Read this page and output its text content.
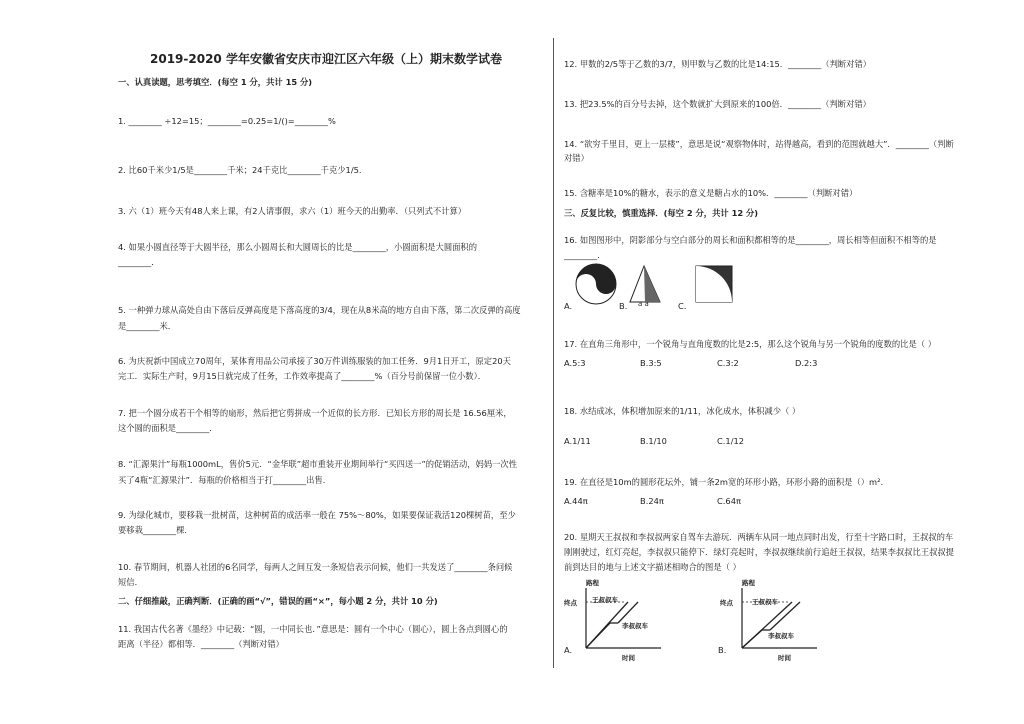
2019-2020 学年安徽省安庆市迎江区六年级（上）期末数学试卷
一、认真读题，思考填空．(每空 1 分，共计 15 分)
1. ________ ÷12=15；________=0.25=1/()=________%
2. 比60千米少1/5是________千米；24千克比________千克少1/5.
3. 六（1）班今天有48人来上课，有2人请事假，求六（1）班今天的出勤率．（只列式不计算）
4. 如果小圆直径等于大圆半径，那么小圆周长和大圆周长的比是________，小圆面积是大圆面积的
________．
5. 一种弹力球从高处自由下落后反弹高度是下落高度的3/4，现在从8米高的地方自由下落，第二次反弹的高度
是________米．
6. 为庆祝新中国成立70周年，某体育用品公司承接了30万件训练服装的加工任务．9月1日开工，原定20天
完工．实际生产时，9月15日就完成了任务，工作效率提高了________%（百分号前保留一位小数）．
7. 把一个圆分成若干个相等的扇形，然后把它剪拼成一个近似的长方形．已知长方形的周长是 16.56厘米，
这个圆的面积是________．
8. “汇源果汁”每瓶1000mL，售价5元．“金华联”超市重装开业期间举行“买四送一”的促销活动，妈妈一次性
买了4瓶“汇源果汁”．每瓶的价格相当于打________出售．
9. 为绿化城市，要移栽一批树苗，这种树苗的成活率一般在 75%～80%，如果要保证栽活120棵树苗，至少
要移栽________棵．
10. 春节期间，机器人社团的6名同学，每两人之间互发一条短信表示问候，他们一共发送了________条问候
短信．
二、仔细推敲，正确判断．(正确的画“√”，错误的画“×”，每小题 2 分，共计 10 分)
11. 我国古代名著《墨经》中记载：“圆，一中同长也．”意思是：圆有一个中心（圆心），圆上各点到圆心的
距离（半径）都相等．________（判断对错）
12. 甲数的2/5等于乙数的3/7，则甲数与乙数的比是14:15．________（判断对错）
13. 把23.5%的百分号去掉，这个数就扩大到原来的100倍．________（判断对错）
14. “欲穷千里目，更上一层楼”，意思是说“观察物体时，站得越高，看到的范围就越大”．________（判断
对错）
15. 含糖率是10%的糖水，表示的意义是糖占水的10%．________（判断对错）
三、反复比较，慎重选择．(每空 2 分，共计 12 分)
16. 如图图形中，阴影部分与空白部分的周长和面积都相等的是________，周长相等但面积不相等的是
________．
A.	B. a a	C.
17. 在直角三角形中，一个锐角与直角度数的比是2:5，那么这个锐角与另一个锐角的度数的比是（ ）
A.5:3	B.3:5	C.3:2	D.2:3
18. 水结成冰，体积增加原来的1/11，冰化成水，体积减少（ ）
A.1/11	B.1/10	C.1/12
19. 在直径是10m的圆形花坛外，铺一条2m宽的环形小路，环形小路的面积是（）m².
A.44π	B.24π	C.64π
20. 星期天王叔叔和李叔叔两家自驾车去游玩．两辆车从同一地点同时出发，行至十字路口时，王叔叔的车
刚刚驶过，红灯亮起，李叔叔只能停下．绿灯亮起时，李叔叔继续前行追赶王叔叔，结果李叔叔比王叔叔提
前到达目的地与上述文字描述相吻合的图是（ ）
路程
终点 王叔叔车
李叔叔车
时间
A.
路程
终点	王叔叔车
李叔叔车
时间
B.
